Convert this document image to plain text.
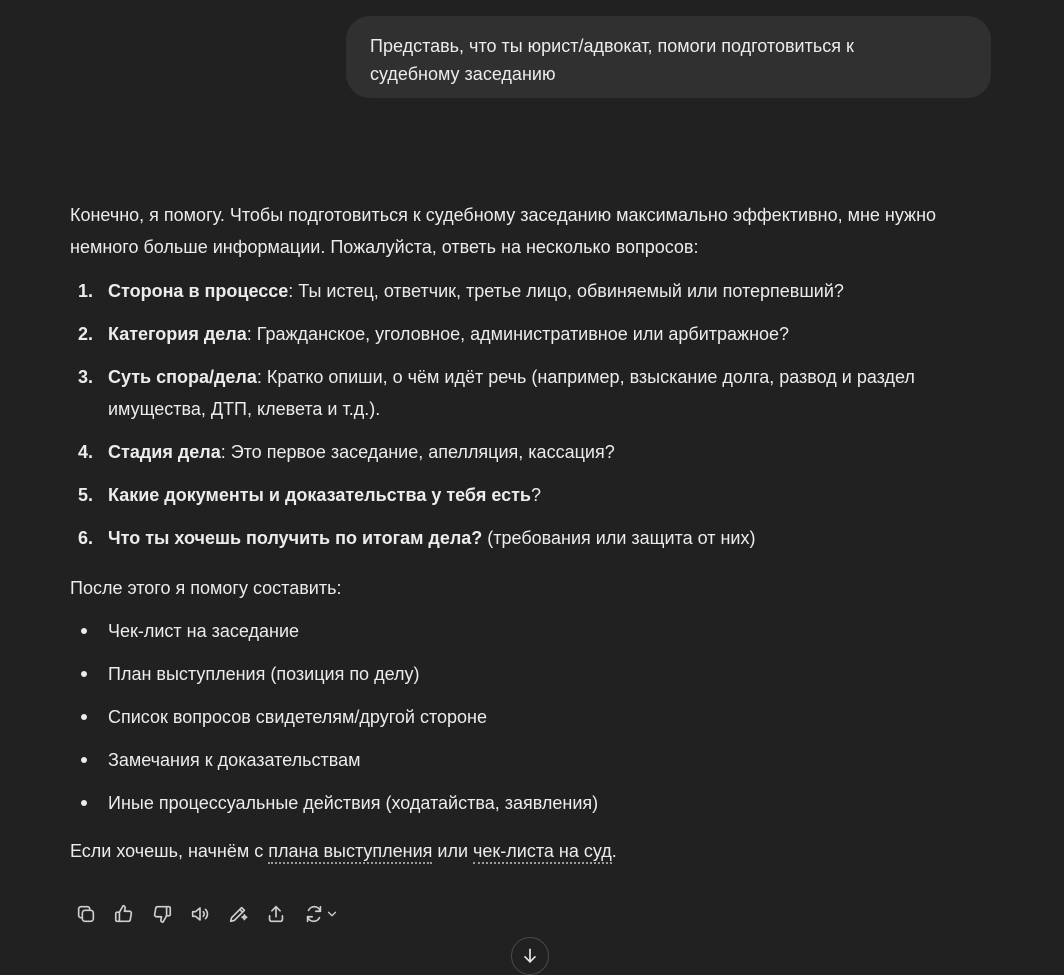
Представь, что ты юрист/адвокат, помоги подготовиться к
судебному заседанию

Конечно, я помогу. Чтобы подготовиться к судебному заседанию максимально эффективно, мне нужно немного больше информации. Пожалуйста, ответь на несколько вопросов:

1. Сторона в процессе: Ты истец, ответчик, третье лицо, обвиняемый или потерпевший?
2. Категория дела: Гражданское, уголовное, административное или арбитражное?
3. Суть спора/дела: Кратко опиши, о чём идёт речь (например, взыскание долга, развод и раздел имущества, ДТП, клевета и т.д.).
4. Стадия дела: Это первое заседание, апелляция, кассация?
5. Какие документы и доказательства у тебя есть?
6. Что ты хочешь получить по итогам дела? (требования или защита от них)

После этого я помогу составить:

Чек-лист на заседание
План выступления (позиция по делу)
Список вопросов свидетелям/другой стороне
Замечания к доказательствам
Иные процессуальные действия (ходатайства, заявления)

Если хочешь, начнём с плана выступления или чек-листа на суд.
